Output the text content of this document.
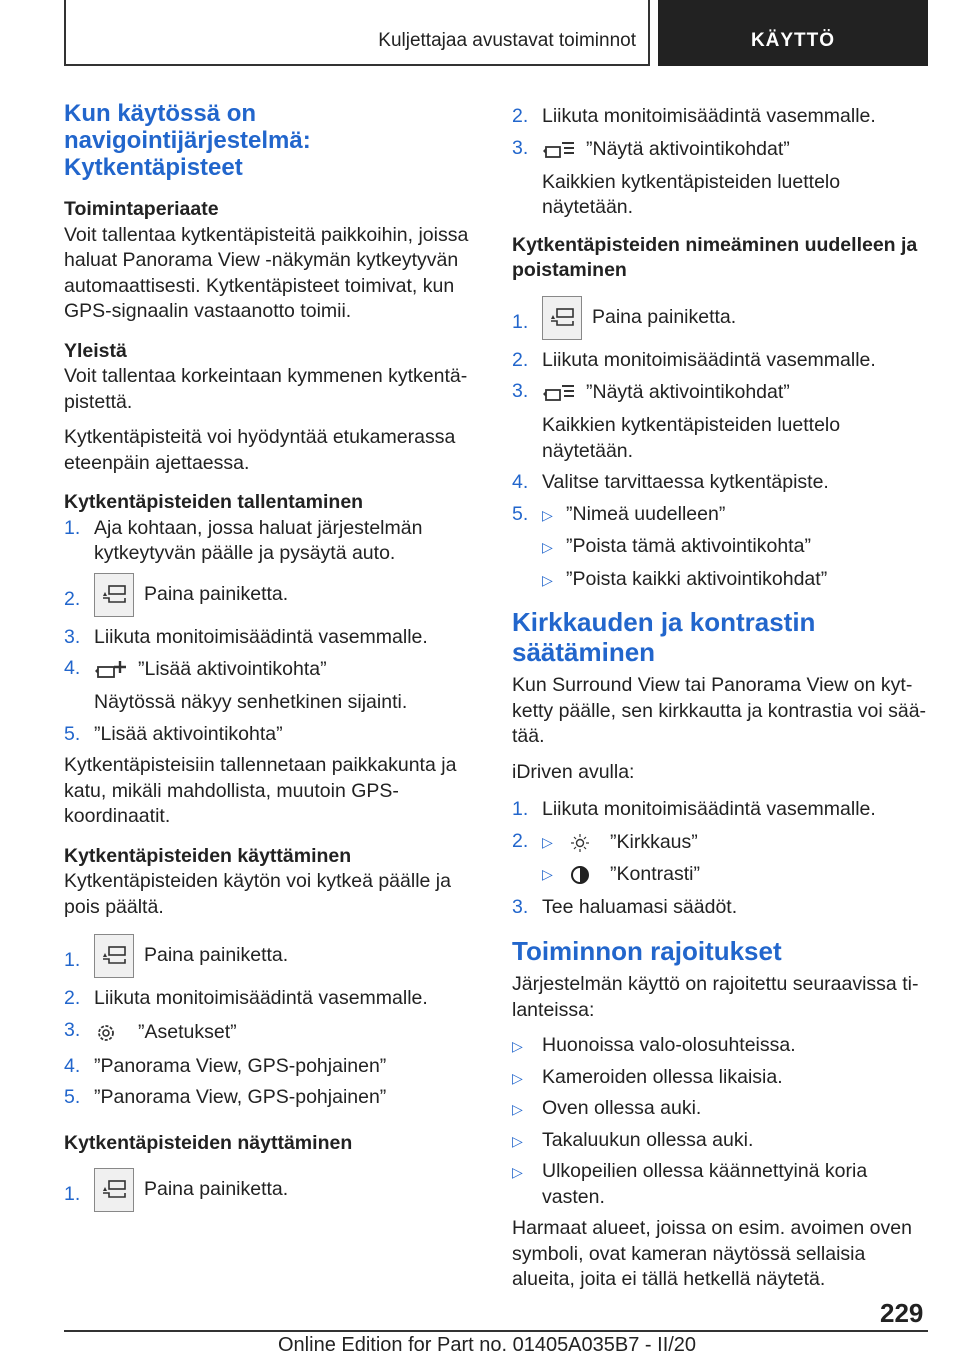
Kuljettajaa avustavat toiminnot	KÄYTTÖ
Kun käytössä on navigointijärjestelmä: Kytkentäpisteet
Toimintaperiaate

Voit tallentaa kytkentäpisteitä paikkoihin, joissa haluat Panorama View -näkymän kytkeytyvän automaattisesti. Kytkentäpisteet toimivat, kun GPS-signaalin vastaanotto toimii.

Yleistä

Voit tallentaa korkeintaan kymmenen kytkentäpistettä.

Kytkentäpisteitä voi hyödyntää etukamerassa eteenpäin ajettaessa.

Kytkentäpisteiden tallentaminen
1. Aja kohtaan, jossa haluat järjestelmän kytkeytyvän päälle ja pysäytä auto.
2.	Paina painiketta.
3. Liikuta monitoimisäädintä vasemmalle.
4.	”Lisää aktivointikohta”
Näytössä näkyy senhetkinen sijainti.
5. ”Lisää aktivointikohta”

Kytkentäpisteisiin tallennetaan paikkakunta ja katu, mikäli mahdollista, muutoin GPS-koordinaatit.

Kytkentäpisteiden käyttäminen

Kytkentäpisteiden käytön voi kytkeä päälle ja pois päältä.

1.	Paina painiketta.
2. Liikuta monitoimisäädintä vasemmalle.
3.	”Asetukset”
4. ”Panorama View, GPS-pohjainen”
5. ”Panorama View, GPS-pohjainen”
Kytkentäpisteiden näyttäminen
1.	Paina painiketta.
2. Liikuta monitoimisäädintä vasemmalle.
3.	”Näytä aktivointikohdat”
Kaikkien kytkentäpisteiden luettelo näytetään.
Kytkentäpisteiden nimeäminen uudelleen ja poistaminen
1.	Paina painiketta.
2. Liikuta monitoimisäädintä vasemmalle.
3.	”Näytä aktivointikohdat”
Kaikkien kytkentäpisteiden luettelo näytetään.
4. Valitse tarvittaessa kytkentäpiste.
5. ▷ ”Nimeä uudelleen”
▷ ”Poista tämä aktivointikohta”
▷ ”Poista kaikki aktivointikohdat”
Kirkkauden ja kontrastin säätäminen

Kun Surround View tai Panorama View on kytketty päälle, sen kirkkautta ja kontrastia voi säätää.

iDriven avulla:

1. Liikuta monitoimisäädintä vasemmalle.
2. ▷	”Kirkkaus”
▷	”Kontrasti”
3. Tee haluamasi säädöt.
Toiminnon rajoitukset

Järjestelmän käyttö on rajoitettu seuraavissa tilanteissa:

▷ Huonoissa valo-olosuhteissa.
▷ Kameroiden ollessa likaisia.
▷ Oven ollessa auki.
▷ Takaluukun ollessa auki.
▷ Ulkopeilien ollessa käännettyinä koria vasten.

Harmaat alueet, joissa on esim. avoimen oven symboli, ovat kameran näytössä sellaisia alueita, joita ei tällä hetkellä näytetä.

229
Online Edition for Part no. 01405A035B7 - II/20
